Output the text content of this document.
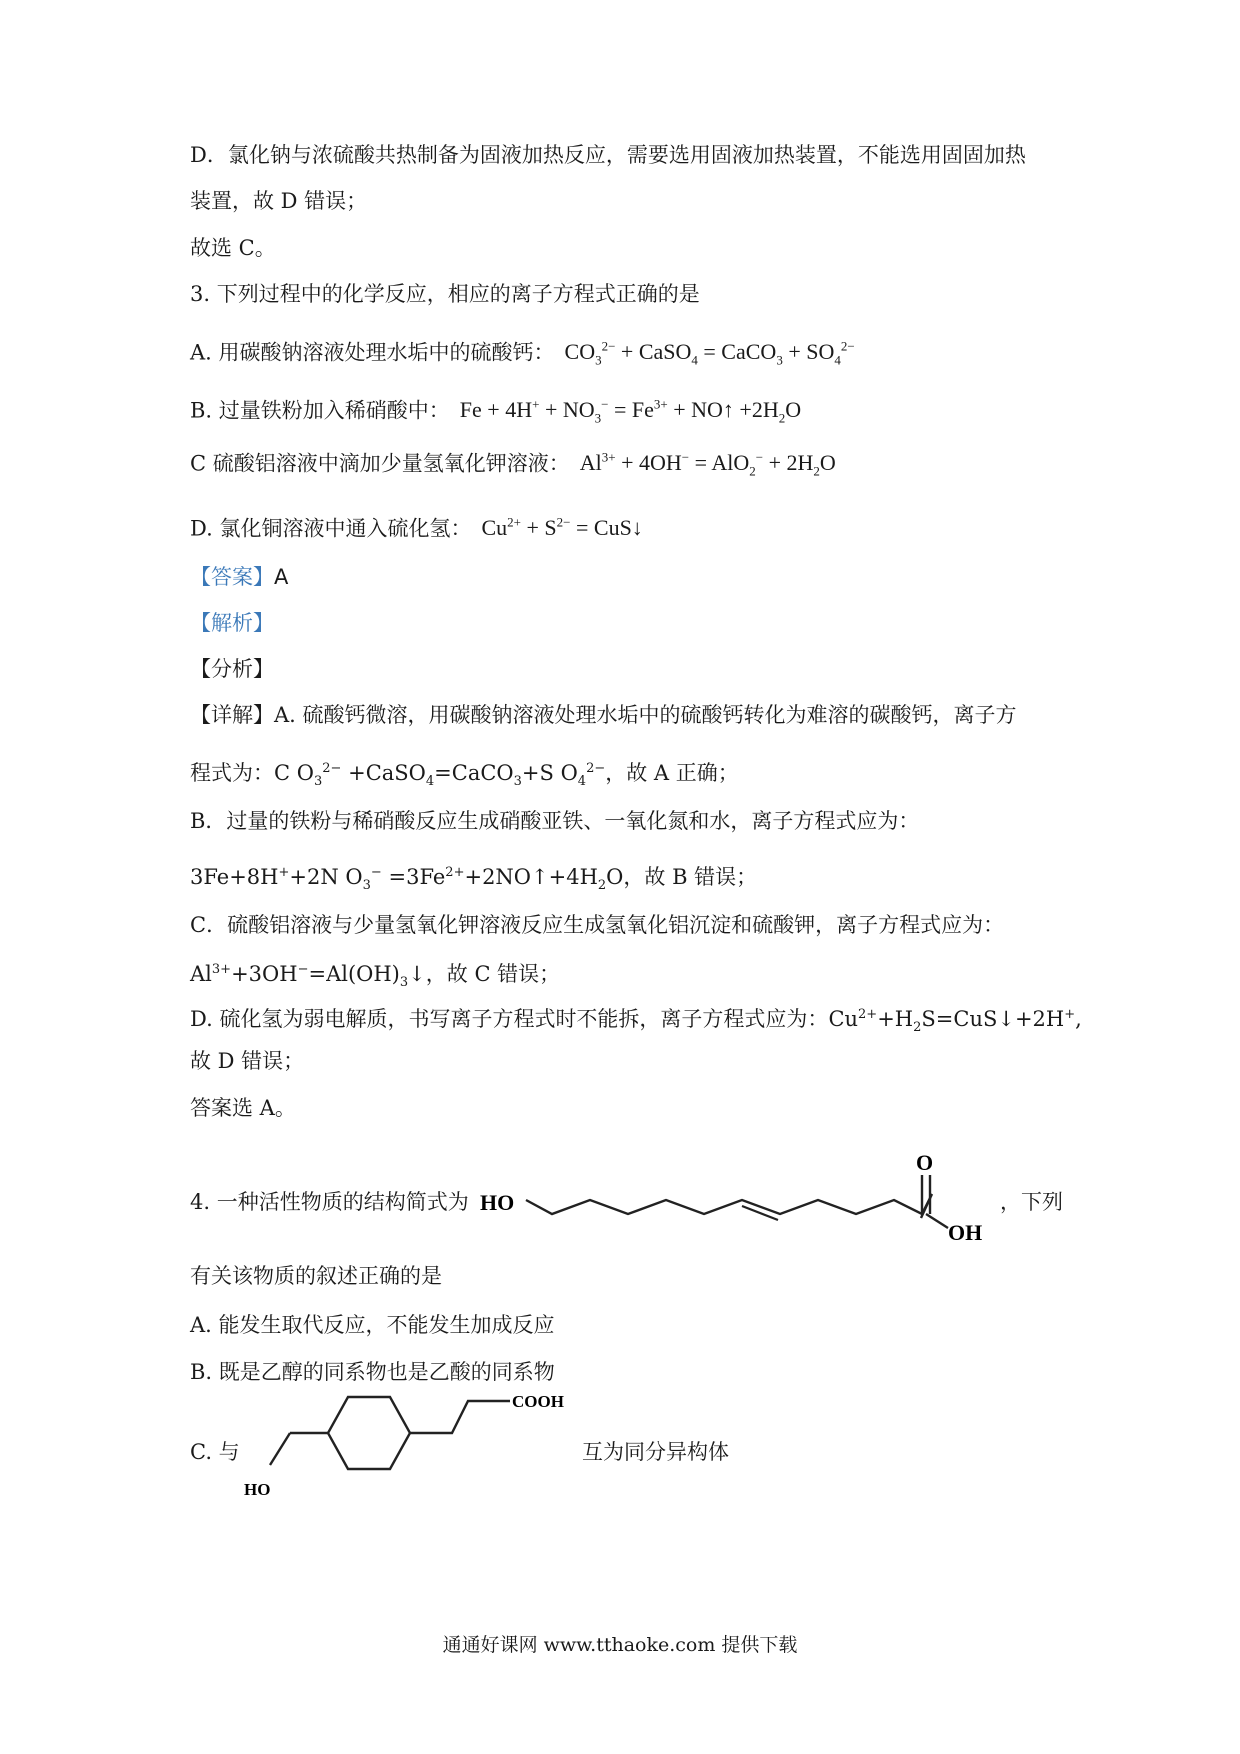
D．氯化钠与浓硫酸共热制备为固液加热反应，需要选用固液加热装置，不能选用固固加热
装置，故 D 错误；
故选 C。
3. 下列过程中的化学反应，相应的离子方程式正确的是
A. 用碳酸钠溶液处理水垢中的硫酸钙： $CO_3^{2-}$ + CaSO$_4$ = CaCO$_3$ + $SO_4^{2-}$
B. 过量铁粉加入稀硝酸中： $Fe + 4H^+ + NO_3^- = Fe^{3+}$ + NO↑ $+2H_2O$
C 硫酸铝溶液中滴加少量氢氧化钾溶液： $Al^{3+} + 4OH^- = AlO_2^- + 2H_2O$
D. 氯化铜溶液中通入硫化氢： $Cu^{2+} + S^{2-}$ = CuS↓
【答案】A
【解析】
【分析】
【详解】A. 硫酸钙微溶，用碳酸钠溶液处理水垢中的硫酸钙转化为难溶的碳酸钙，离子方
程式为：C $O_3^{2-}$ +CaSO$_4$=CaCO$_3$+S $O_4^{2-}$，故 A 正确；
B．过量的铁粉与稀硝酸反应生成硝酸亚铁、一氧化氮和水，离子方程式应为：
3Fe+8H++2N $O_3^-$ $=3Fe^{2+}+2NO↑+4H_2O$，故 B 错误；
C．硫酸铝溶液与少量氢氧化钾溶液反应生成氢氧化铝沉淀和硫酸钾，离子方程式应为：
$Al^{3+}+3OH^-=Al(OH)_3↓$，故 C 错误；
D. 硫化氢为弱电解质，书写离子方程式时不能拆，离子方程式应为：$Cu^{2+}+H_2S=CuS↓+2H^+$,
故 D 错误；
答案选 A。
4. 一种活性物质的结构简式为 HO
O
OH
，下列
有关该物质的叙述正确的是
A. 能发生取代反应，不能发生加成反应
B. 既是乙醇的同系物也是乙酸的同系物
C. 与
HO
COOH
互为同分异构体
通通好课网 www.tthaoke.com 提供下载
